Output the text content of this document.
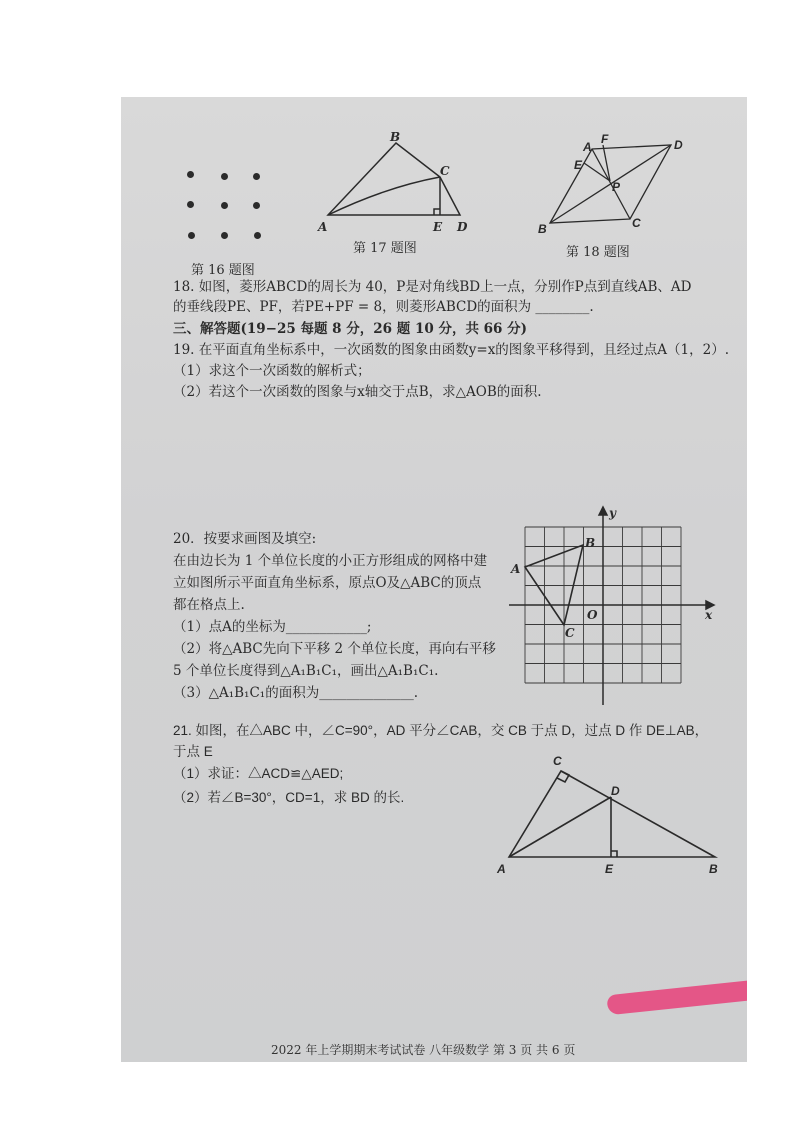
第 16 题图
A
B
C
E D
第 17 题图
B
A
F	D
E
P
C
第 18 题图
18. 如图，菱形ABCD的周长为 40，P是对角线BD上一点，分别作P点到直线AB、AD
的垂线段PE、PF，若PE+PF = 8，则菱形ABCD的面积为 ________.
三、解答题(19−25 每题 8 分，26 题 10 分，共 66 分)
19. 在平面直角坐标系中，一次函数的图象由函数y=x的图象平移得到，且经过点A（1，2）.
（1）求这个一次函数的解析式；
（2）若这个一次函数的图象与x轴交于点B，求△AOB的面积.
20．按要求画图及填空:
在由边长为 1 个单位长度的小正方形组成的网格中建
立如图所示平面直角坐标系，原点O及△ABC的顶点
都在格点上.
（1）点A的坐标为____________;
（2）将△ABC先向下平移 2 个单位长度，再向右平移
5 个单位长度得到△A₁B₁C₁，画出△A₁B₁C₁.
（3）△A₁B₁C₁的面积为______________.
A
B
C
O	x
y
21. 如图，在△ABC 中，∠C=90°，AD 平分∠CAB，交 CB 于点 D，过点 D 作 DE⊥AB，
于点 E
（1）求证：△ACD≌△AED;
（2）若∠B=30°，CD=1，求 BD 的长.
A
C
D
E	B
2022 年上学期期末考试试卷 八年级数学 第 3 页 共 6 页
